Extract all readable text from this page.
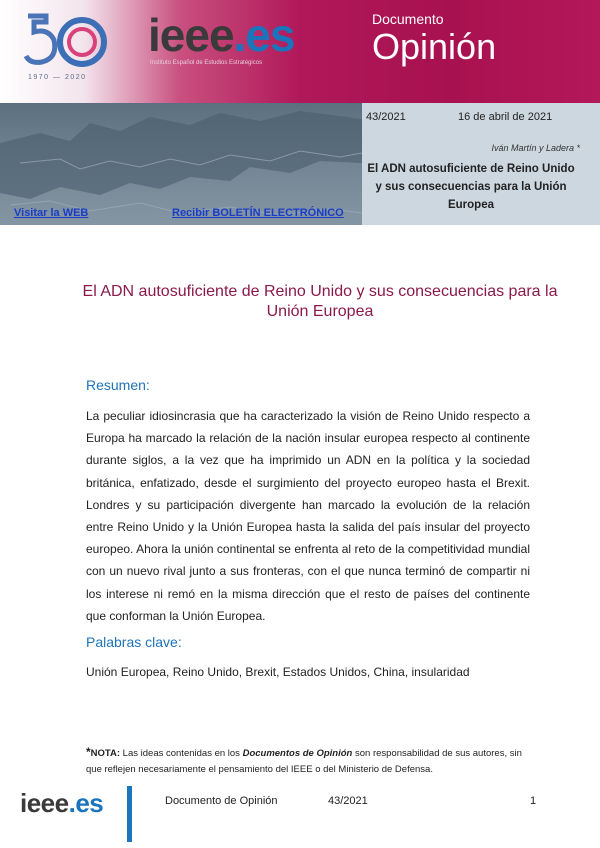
1970 — 2020
ieee.es
Instituto Español de Estudios Estratégicos
Documento
Opinión
43/2021	16 de abril de 2021
Iván Martín y Ladera *
El ADN autosuficiente de Reino Unido y sus consecuencias para la Unión Europea
Visitar la WEB	Recibir BOLETÍN ELECTRÓNICO
El ADN autosuficiente de Reino Unido y sus consecuencias para la Unión Europea
Resumen:
La peculiar idiosincrasia que ha caracterizado la visión de Reino Unido respecto a Europa ha marcado la relación de la nación insular europea respecto al continente durante siglos, a la vez que ha imprimido un ADN en la política y la sociedad británica, enfatizado, desde el surgimiento del proyecto europeo hasta el Brexit. Londres y su participación divergente han marcado la evolución de la relación entre Reino Unido y la Unión Europea hasta la salida del país insular del proyecto europeo. Ahora la unión continental se enfrenta al reto de la competitividad mundial con un nuevo rival junto a sus fronteras, con el que nunca terminó de compartir ni los interese ni remó en la misma dirección que el resto de países del continente que conforman la Unión Europea.
Palabras clave:
Unión Europea, Reino Unido, Brexit, Estados Unidos, China, insularidad
*NOTA: Las ideas contenidas en los Documentos de Opinión son responsabilidad de sus autores, sin que reflejen necesariamente el pensamiento del IEEE o del Ministerio de Defensa.
ieee.es	Documento de Opinión	43/2021	1
